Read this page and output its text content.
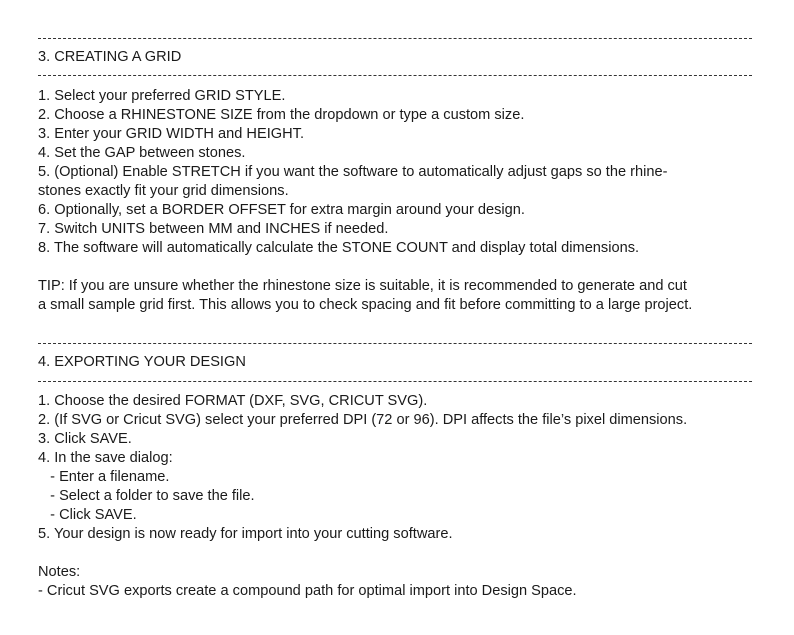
3. CREATING A GRID
1. Select your preferred GRID STYLE.
2. Choose a RHINESTONE SIZE from the dropdown or type a custom size.
3. Enter your GRID WIDTH and HEIGHT.
4. Set the GAP between stones.
5. (Optional) Enable STRETCH if you want the software to automatically adjust gaps so the rhine-
stones exactly fit your grid dimensions.
6. Optionally, set a BORDER OFFSET for extra margin around your design.
7. Switch UNITS between MM and INCHES if needed.
8. The software will automatically calculate the STONE COUNT and display total dimensions.
TIP: If you are unsure whether the rhinestone size is suitable, it is recommended to generate and cut
a small sample grid first. This allows you to check spacing and fit before committing to a large project.
4. EXPORTING YOUR DESIGN
1. Choose the desired FORMAT (DXF, SVG, CRICUT SVG).
2. (If SVG or Cricut SVG) select your preferred DPI (72 or 96). DPI affects the file’s pixel dimensions.
3. Click SAVE.
4. In the save dialog:
- Enter a filename.
- Select a folder to save the file.
- Click SAVE.
5. Your design is now ready for import into your cutting software.
Notes:
- Cricut SVG exports create a compound path for optimal import into Design Space.
